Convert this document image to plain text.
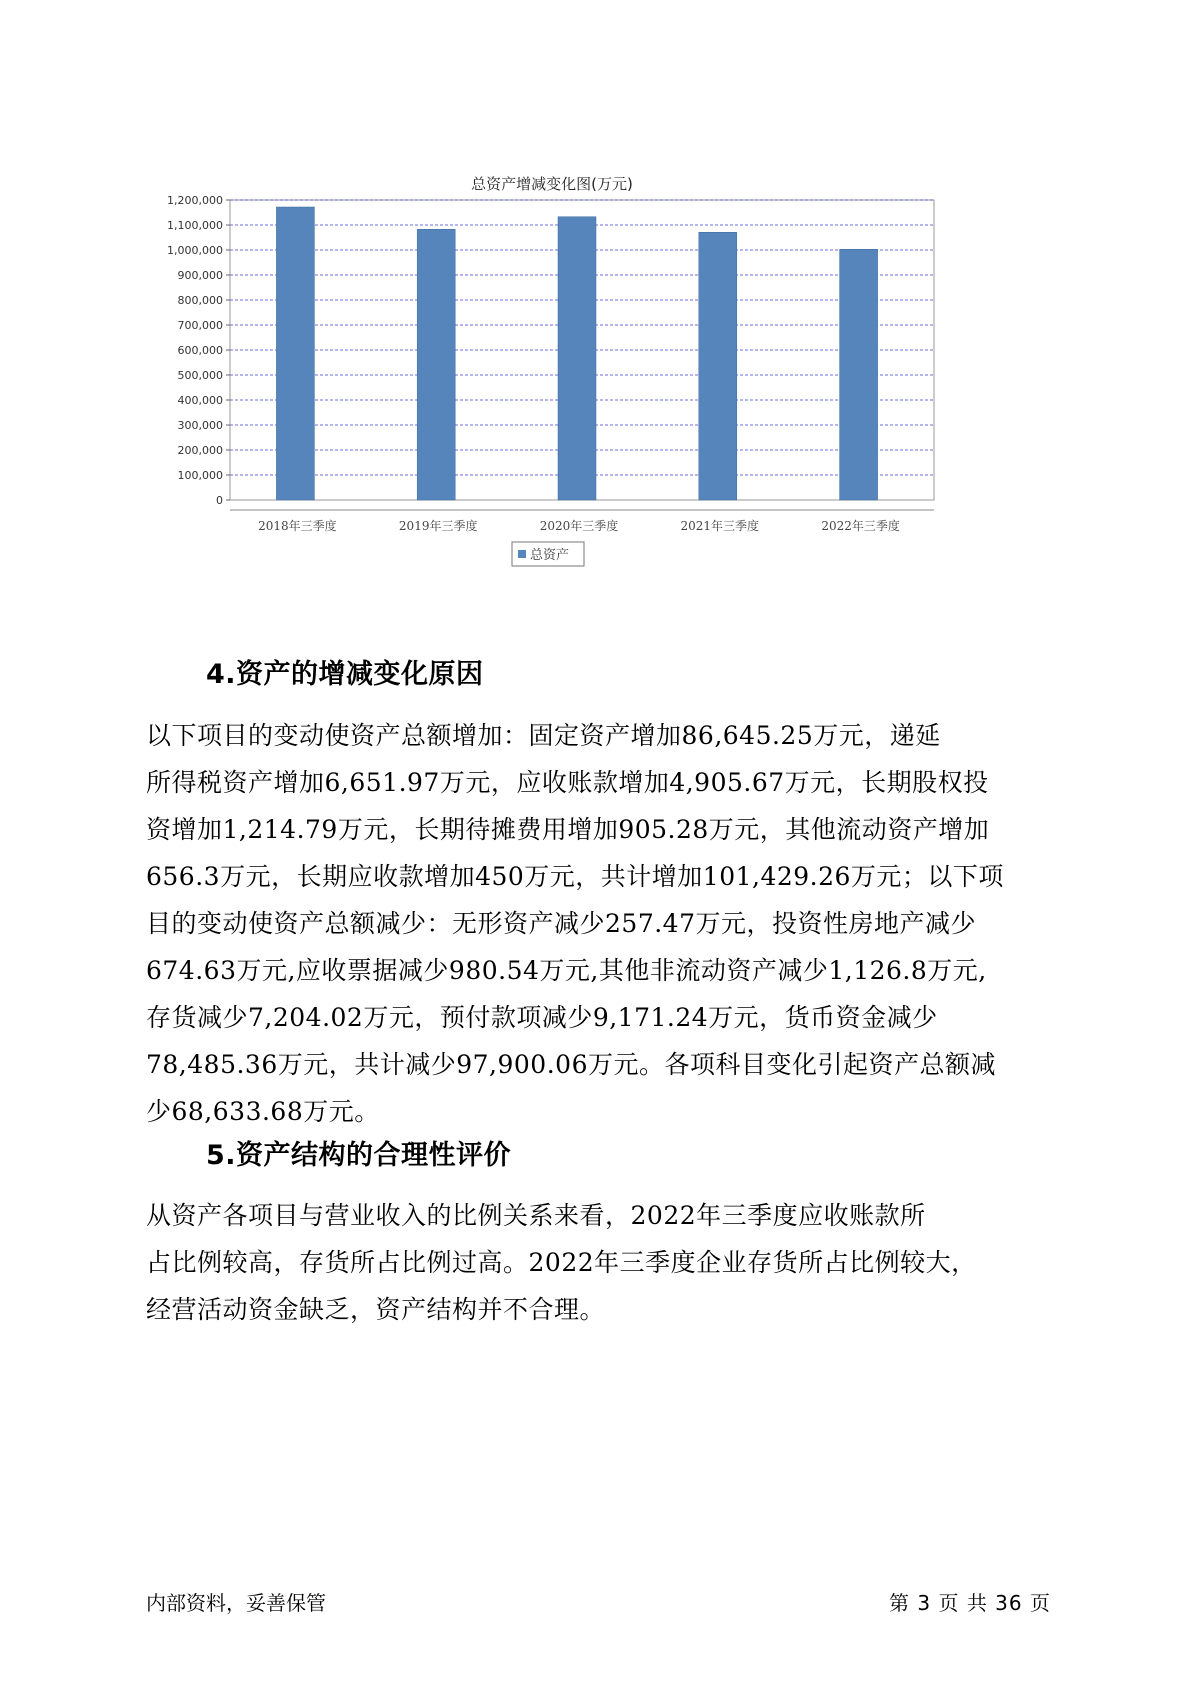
总资产增减变化图(万元)
0
100,000
200,000
300,000
400,000
500,000
600,000
700,000
800,000
900,000
1,000,000
1,100,000
1,200,000
2018年三季度	2019年三季度	2020年三季度	2021年三季度	2022年三季度
总资产
4.资产的增减变化原因

以下项目的变动使资产总额增加：固定资产增加86,645.25万元，递延
所得税资产增加6,651.97万元，应收账款增加4,905.67万元，长期股权投
资增加1,214.79万元，长期待摊费用增加905.28万元，其他流动资产增加
656.3万元，长期应收款增加450万元，共计增加101,429.26万元；以下项
目的变动使资产总额减少：无形资产减少257.47万元，投资性房地产减少
674.63万元,应收票据减少980.54万元,其他非流动资产减少1,126.8万元,
存货减少7,204.02万元，预付款项减少9,171.24万元，货币资金减少
78,485.36万元，共计减少97,900.06万元。各项科目变化引起资产总额减
少68,633.68万元。

5.资产结构的合理性评价

从资产各项目与营业收入的比例关系来看，2022年三季度应收账款所
占比例较高，存货所占比例过高。2022年三季度企业存货所占比例较大，
经营活动资金缺乏，资产结构并不合理。

内部资料，妥善保管	第 3 页 共 36 页
